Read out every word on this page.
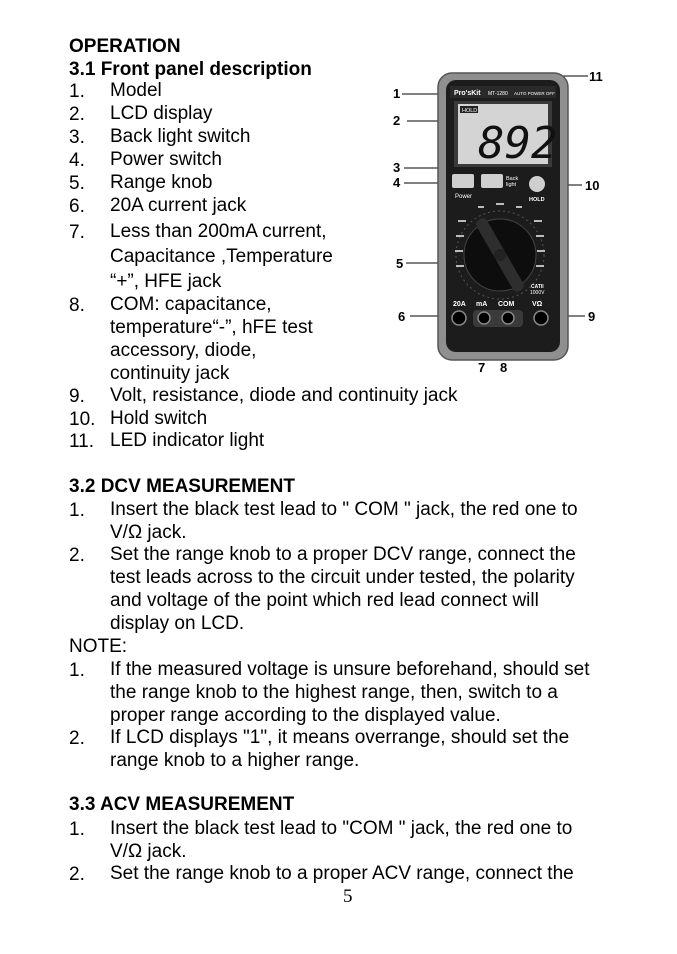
OPERATION
3.1 Front panel description
1. Model
2. LCD display
3. Back light switch
4. Power switch
5. Range knob
6. 20A current jack
7. Less than 200mA current,
Capacitance ,Temperature
“+”, HFE jack
8. COM: capacitance,
temperature“-”, hFE test
accessory, diode,
continuity jack
9. Volt, resistance, diode and continuity jack
10. Hold switch
11. LED indicator light
Pro'sKit MT-1280 AUTO POWER OFF
HOLD
892
Back
light
Power	HOLD
CATII
1000V
20A mA COM	VΩ
1
2
3
4
5
6
7 8
9
10
11
3.2 DCV MEASUREMENT
1. Insert the black test lead to " COM " jack, the red one to
V/Ω jack.
2. Set the range knob to a proper DCV range, connect the
test leads across to the circuit under tested, the polarity
and voltage of the point which red lead connect will
display on LCD.
NOTE:
1. If the measured voltage is unsure beforehand, should set
the range knob to the highest range, then, switch to a
proper range according to the displayed value.
2. If LCD displays "1", it means overrange, should set the
range knob to a higher range.
3.3 ACV MEASUREMENT
1. Insert the black test lead to "COM " jack, the red one to
V/Ω jack.
2. Set the range knob to a proper ACV range, connect the
5
